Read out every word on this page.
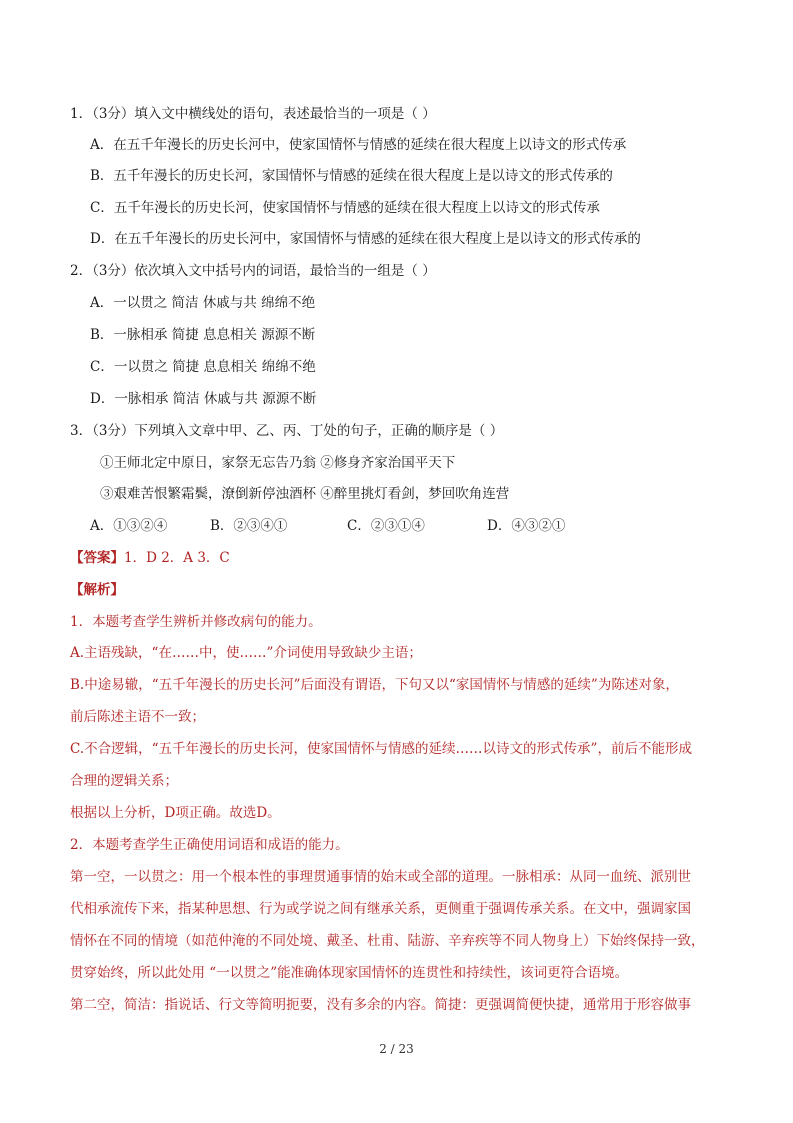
1．（3分）填入文中横线处的语句，表述最恰当的一项是（ ）
A．在五千年漫长的历史长河中，使家国情怀与情感的延续在很大程度上以诗文的形式传承
B．五千年漫长的历史长河，家国情怀与情感的延续在很大程度上是以诗文的形式传承的
C．五千年漫长的历史长河，使家国情怀与情感的延续在很大程度上以诗文的形式传承
D．在五千年漫长的历史长河中，家国情怀与情感的延续在很大程度上是以诗文的形式传承的
2．（3分）依次填入文中括号内的词语，最恰当的一组是（ ）
A．一以贯之 简洁 休戚与共 绵绵不绝
B．一脉相承 简捷 息息相关 源源不断
C．一以贯之 简捷 息息相关 绵绵不绝
D．一脉相承 简洁 休戚与共 源源不断
3．（3分）下列填入文章中甲、乙、丙、丁处的句子，正确的顺序是（ ）
①王师北定中原日，家祭无忘告乃翁 ②修身齐家治国平天下
③艰难苦恨繁霜鬓，潦倒新停浊酒杯 ④醉里挑灯看剑，梦回吹角连营
A．①③②④	B．②③④①	C．②③①④	D．④③②①
【答案】1．D 2．A 3．C
【解析】
1．本题考查学生辨析并修改病句的能力。
A.主语残缺，“在……中，使……”介词使用导致缺少主语；
B.中途易辙，“五千年漫长的历史长河”后面没有谓语，下句又以“家国情怀与情感的延续”为陈述对象，
前后陈述主语不一致；
C.不合逻辑，“五千年漫长的历史长河，使家国情怀与情感的延续……以诗文的形式传承”，前后不能形成
合理的逻辑关系；
根据以上分析，D项正确。故选D。
2．本题考查学生正确使用词语和成语的能力。
第一空，一以贯之：用一个根本性的事理贯通事情的始末或全部的道理。一脉相承：从同一血统、派别世
代相承流传下来，指某种思想、行为或学说之间有继承关系，更侧重于强调传承关系。在文中，强调家国
情怀在不同的情境（如范仲淹的不同处境、戴圣、杜甫、陆游、辛弃疾等不同人物身上）下始终保持一致，
贯穿始终，所以此处用 “一以贯之”能准确体现家国情怀的连贯性和持续性，该词更符合语境。
第二空，简洁：指说话、行文等简明扼要，没有多余的内容。简捷：更强调简便快捷，通常用于形容做事
2 / 23
